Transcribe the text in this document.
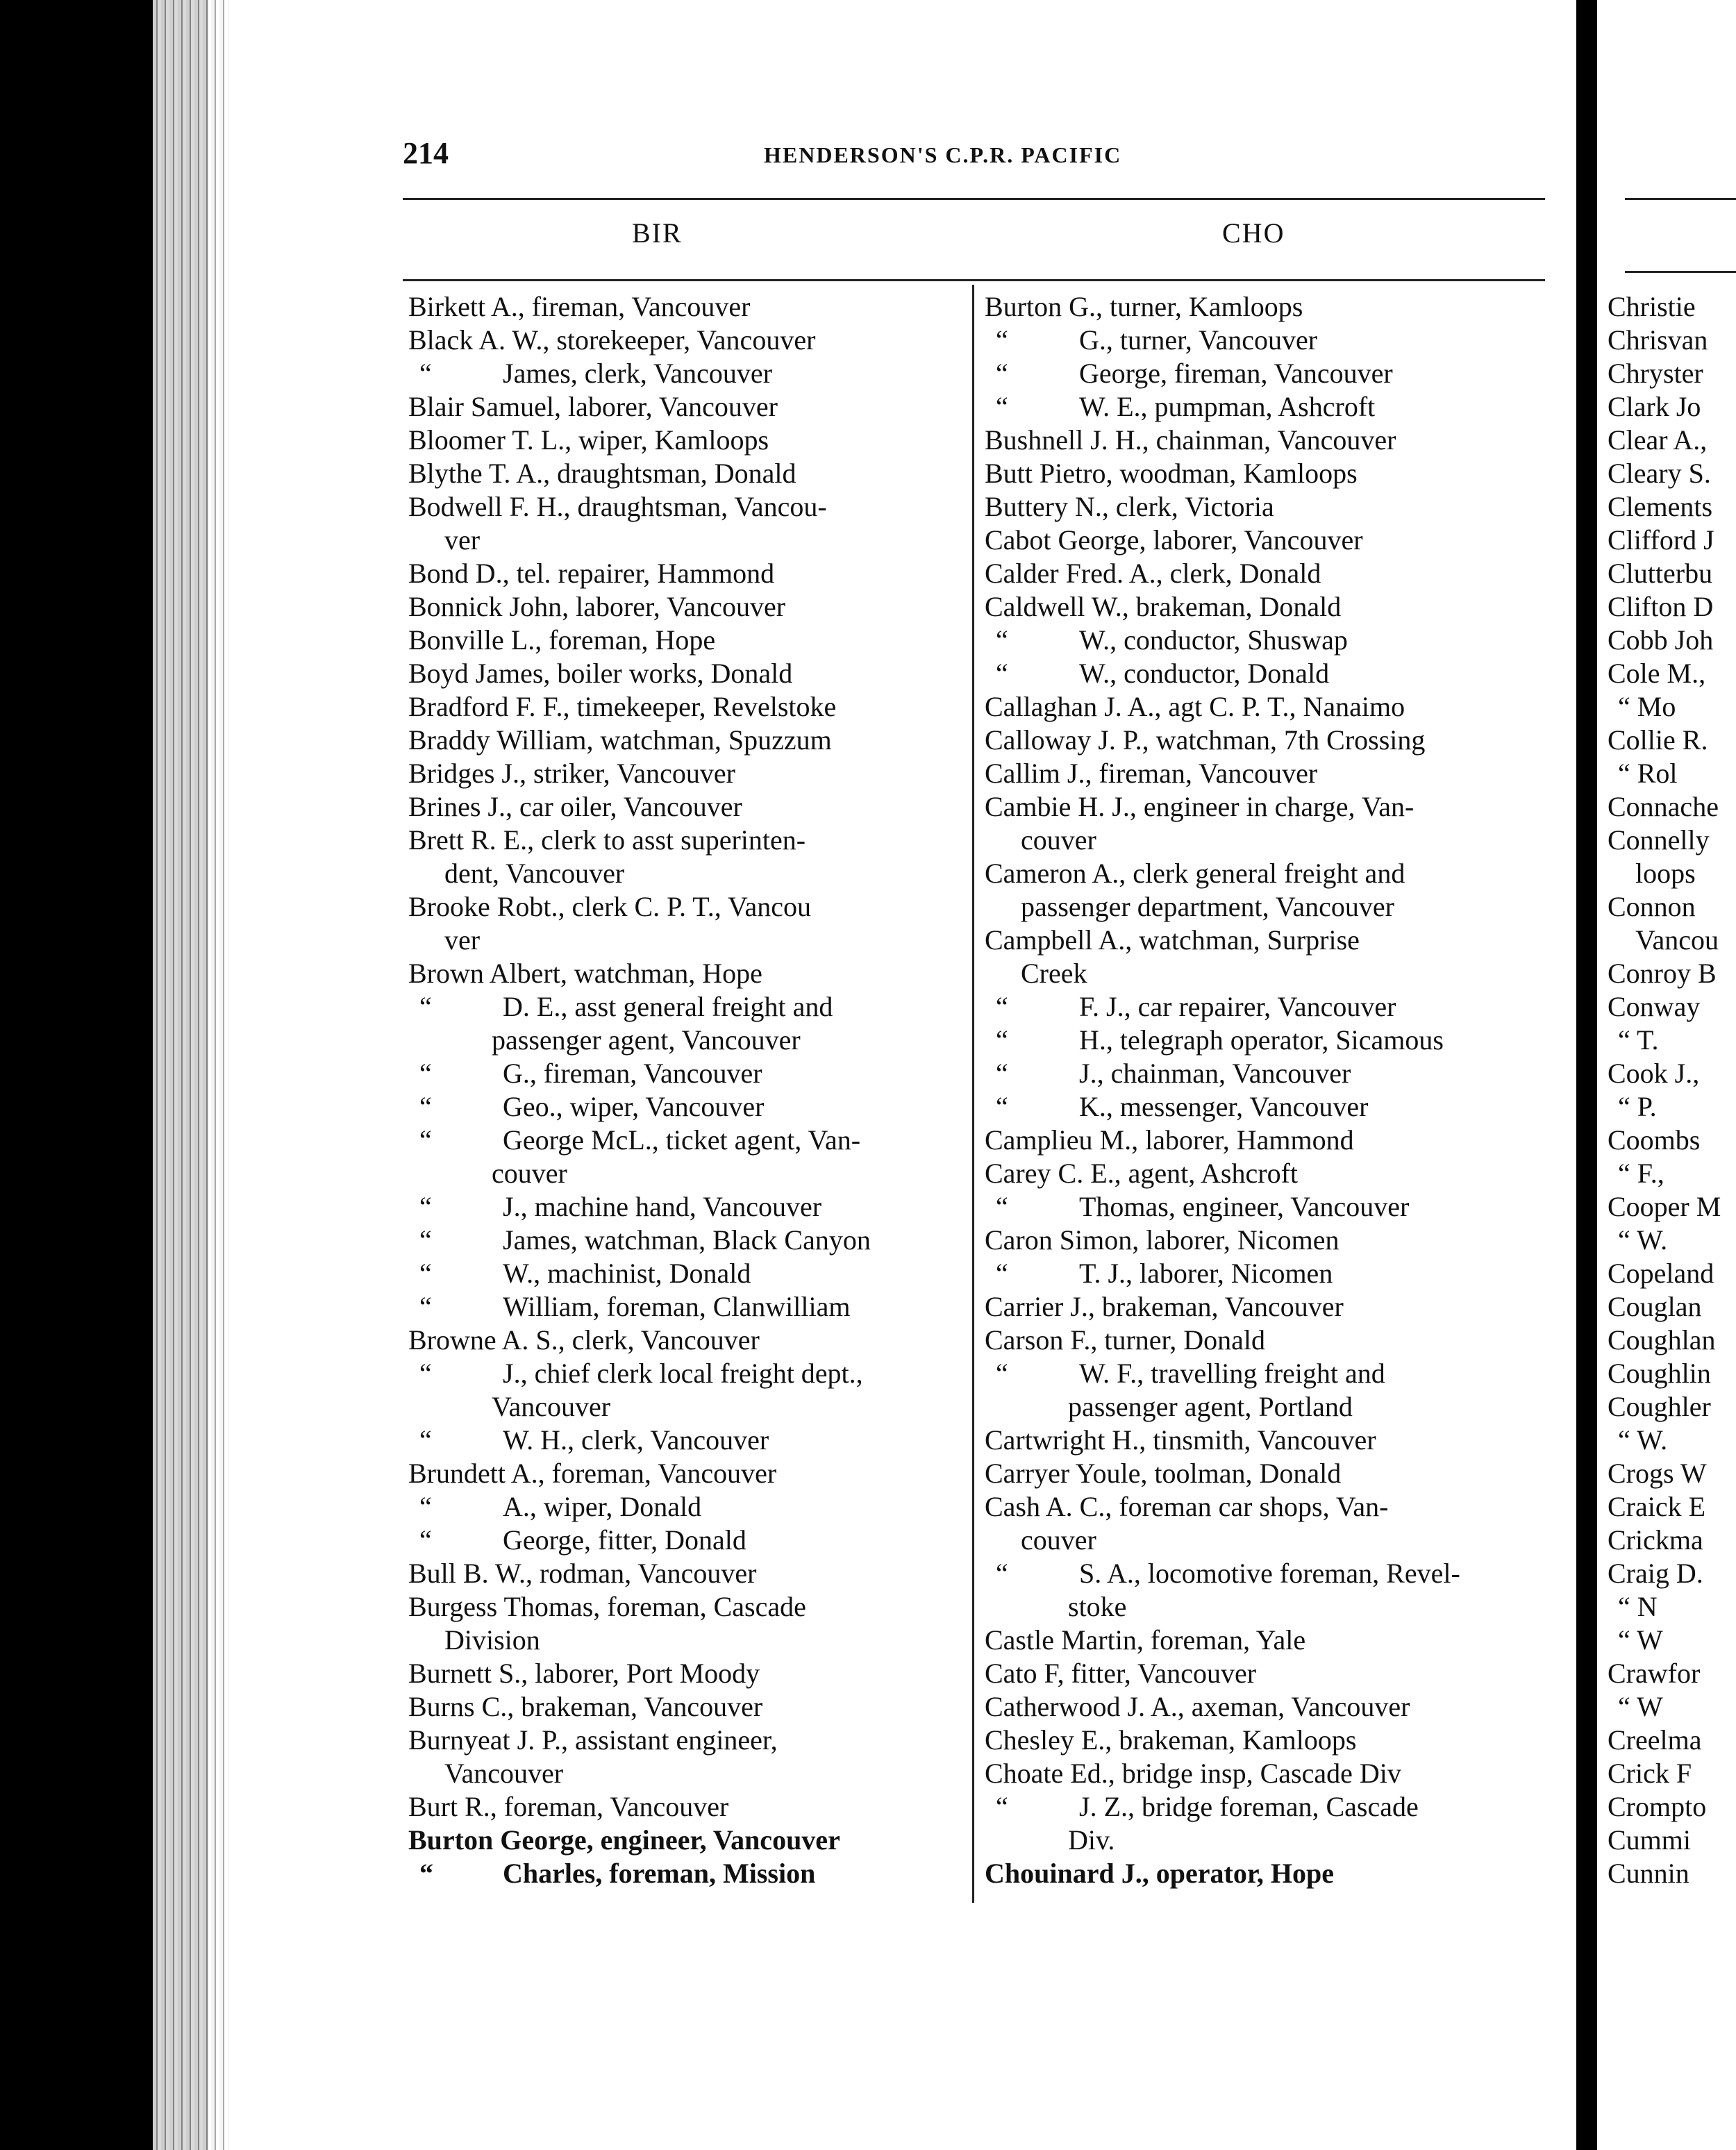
Christie
Chrisvan
Chryster
Clark Jo
Clear A.,
Cleary S.
Clements
Clifford J
Clutterbu
Clifton D
Cobb Joh
Cole M.,
“ Mo
Collie R.
“ Rol
Connache
Connelly
loops
Connon
Vancou
Conroy B
Conway
“ T.
Cook J.,
“ P.
Coombs
“ F.,
Cooper M
“ W.
Copeland
Couglan
Coughlan
Coughlin
Coughler
“ W.
Crogs W
Craick E
Crickma
Craig D.
“ N
“ W
Crawfor
“ W
Creelma
Crick F
Crompto
Cummi
Cunnin
214	HENDERSON'S C.P.R. PACIFIC
BIR	CHO
Birkett A., fireman, Vancouver
Black A. W., storekeeper, Vancouver
“	James, clerk, Vancouver
Blair Samuel, laborer, Vancouver
Bloomer T. L., wiper, Kamloops
Blythe T. A., draughtsman, Donald
Bodwell F. H., draughtsman, Vancou-
ver
Bond D., tel. repairer, Hammond
Bonnick John, laborer, Vancouver
Bonville L., foreman, Hope
Boyd James, boiler works, Donald
Bradford F. F., timekeeper, Revelstoke
Braddy William, watchman, Spuzzum
Bridges J., striker, Vancouver
Brines J., car oiler, Vancouver
Brett R. E., clerk to asst superinten-
dent, Vancouver
Brooke Robt., clerk C. P. T., Vancou
ver
Brown Albert, watchman, Hope
“	D. E., asst general freight and
passenger agent, Vancouver
“	G., fireman, Vancouver
“	Geo., wiper, Vancouver
“	George McL., ticket agent, Van-
couver
“	J., machine hand, Vancouver
“	James, watchman, Black Canyon
“	W., machinist, Donald
“	William, foreman, Clanwilliam
Browne A. S., clerk, Vancouver
“	J., chief clerk local freight dept.,
Vancouver
“	W. H., clerk, Vancouver
Brundett A., foreman, Vancouver
“	A., wiper, Donald
“	George, fitter, Donald
Bull B. W., rodman, Vancouver
Burgess Thomas, foreman, Cascade
Division
Burnett S., laborer, Port Moody
Burns C., brakeman, Vancouver
Burnyeat J. P., assistant engineer,
Vancouver
Burt R., foreman, Vancouver
Burton George, engineer, Vancouver
“	Charles, foreman, Mission
Burton G., turner, Kamloops
“	G., turner, Vancouver
“	George, fireman, Vancouver
“	W. E., pumpman, Ashcroft
Bushnell J. H., chainman, Vancouver
Butt Pietro, woodman, Kamloops
Buttery N., clerk, Victoria
Cabot George, laborer, Vancouver
Calder Fred. A., clerk, Donald
Caldwell W., brakeman, Donald
“	W., conductor, Shuswap
“	W., conductor, Donald
Callaghan J. A., agt C. P. T., Nanaimo
Calloway J. P., watchman, 7th Crossing
Callim J., fireman, Vancouver
Cambie H. J., engineer in charge, Van-
couver
Cameron A., clerk general freight and
passenger department, Vancouver
Campbell A., watchman, Surprise
Creek
“	F. J., car repairer, Vancouver
“	H., telegraph operator, Sicamous
“	J., chainman, Vancouver
“	K., messenger, Vancouver
Camplieu M., laborer, Hammond
Carey C. E., agent, Ashcroft
“	Thomas, engineer, Vancouver
Caron Simon, laborer, Nicomen
“	T. J., laborer, Nicomen
Carrier J., brakeman, Vancouver
Carson F., turner, Donald
“	W. F., travelling freight and
passenger agent, Portland
Cartwright H., tinsmith, Vancouver
Carryer Youle, toolman, Donald
Cash A. C., foreman car shops, Van-
couver
“	S. A., locomotive foreman, Revel-
stoke
Castle Martin, foreman, Yale
Cato F, fitter, Vancouver
Catherwood J. A., axeman, Vancouver
Chesley E., brakeman, Kamloops
Choate Ed., bridge insp, Cascade Div
“	J. Z., bridge foreman, Cascade
Div.
Chouinard J., operator, Hope
